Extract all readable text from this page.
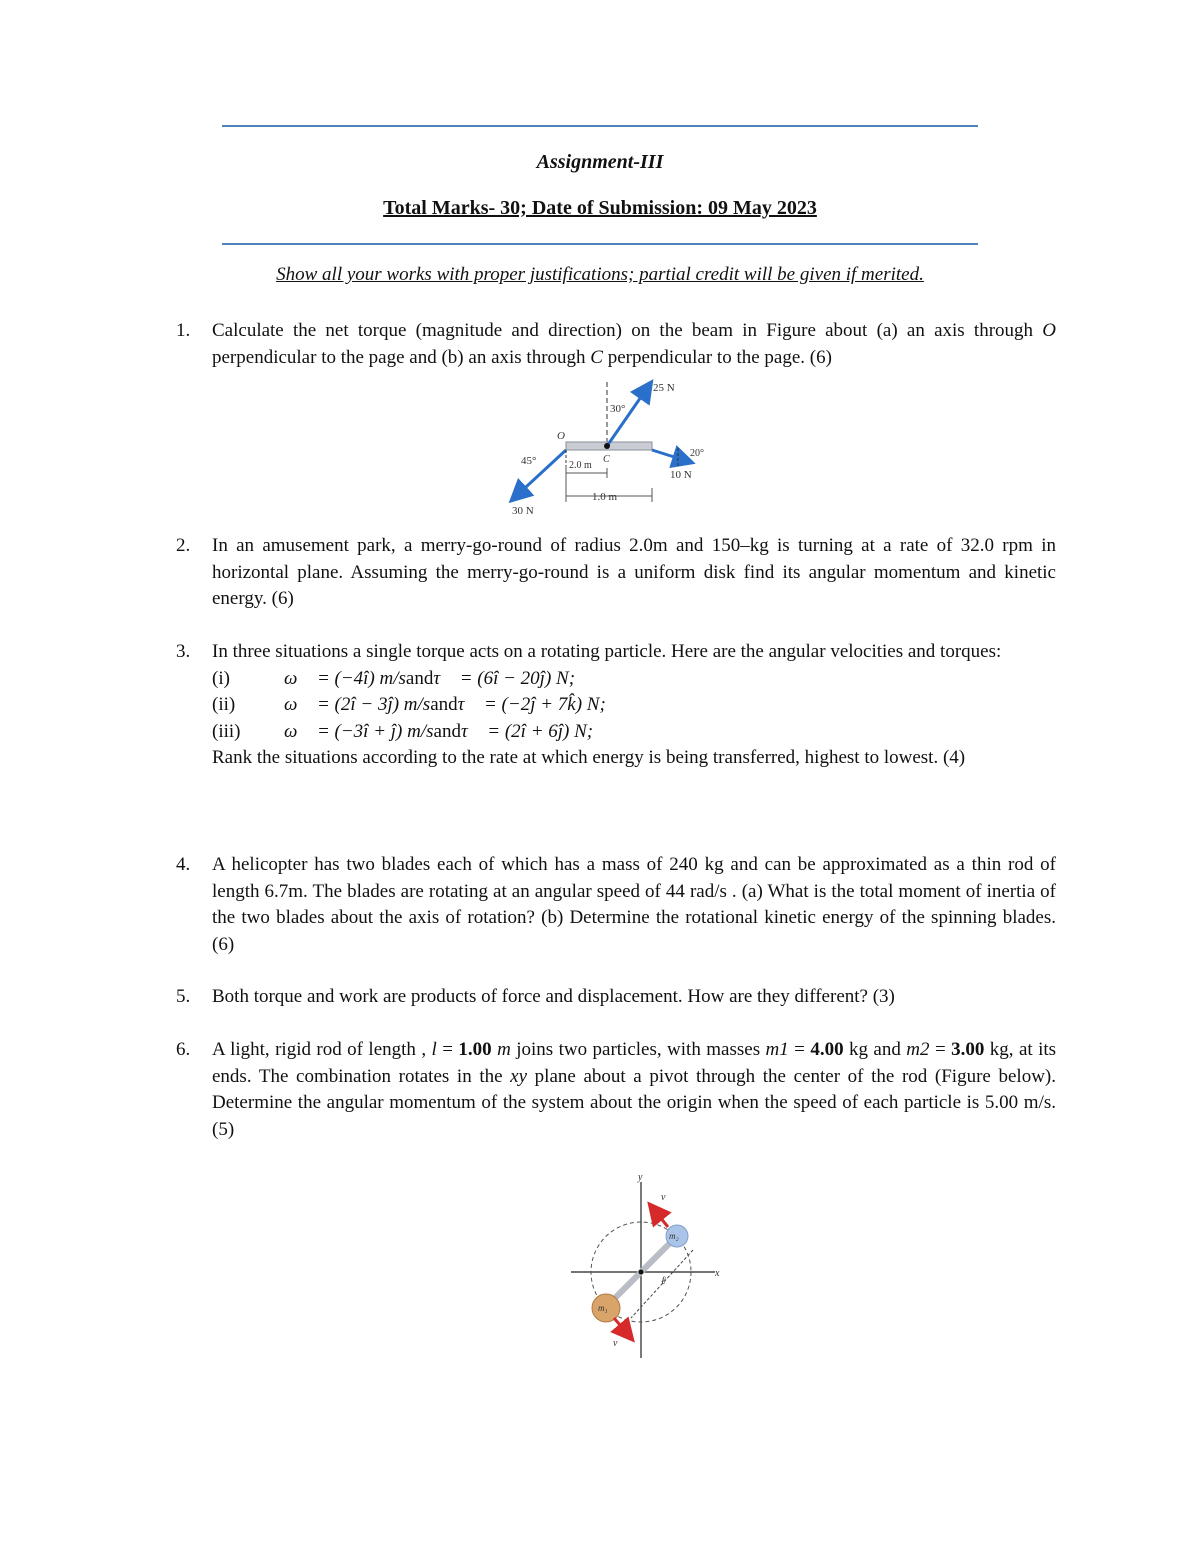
Assignment-III
Total Marks- 30; Date of Submission: 09 May 2023
Show all your works with proper justifications; partial credit will be given if merited.
1. Calculate the net torque (magnitude and direction) on the beam in Figure about (a) an axis through O perpendicular to the page and (b) an axis through C perpendicular to the page. (6)
25 N
30°
O
C
45°	2.0 m
20°
10 N
1.0 m
30 N
2. In an amusement park, a merry-go-round of radius 2.0m and 150–kg is turning at a rate of 32.0 rpm in horizontal plane. Assuming the merry-go-round is a uniform disk find its angular momentum and kinetic energy. (6)
3. In three situations a single torque acts on a rotating particle. Here are the angular velocities and torques:
(i)	ω⃗ = (−4î) m/s and τ⃗ = (6î − 20ĵ) N;
(ii)	ω⃗ = (2î − 3ĵ) m/s and τ⃗ = (−2ĵ + 7k̂) N;
(iii)	ω⃗ = (−3î + ĵ) m/s and τ⃗ = (2î + 6ĵ) N;
Rank the situations according to the rate at which energy is being transferred, highest to lowest. (4)
4. A helicopter has two blades each of which has a mass of 240 kg and can be approximated as a thin rod of length 6.7m. The blades are rotating at an angular speed of 44 rad/s . (a) What is the total moment of inertia of the two blades about the axis of rotation? (b) Determine the rotational kinetic energy of the spinning blades. (6)
5. Both torque and work are products of force and displacement. How are they different? (3)
6. A light, rigid rod of length , l = 1.00 m joins two particles, with masses m1 = 4.00 kg and m2 = 3.00 kg, at its ends. The combination rotates in the xy plane about a pivot through the center of the rod (Figure below). Determine the angular momentum of the system about the origin when the speed of each particle is 5.00 m/s. (5)
y
x
v⃗
v⃗
m₂
m₁
ℓ
